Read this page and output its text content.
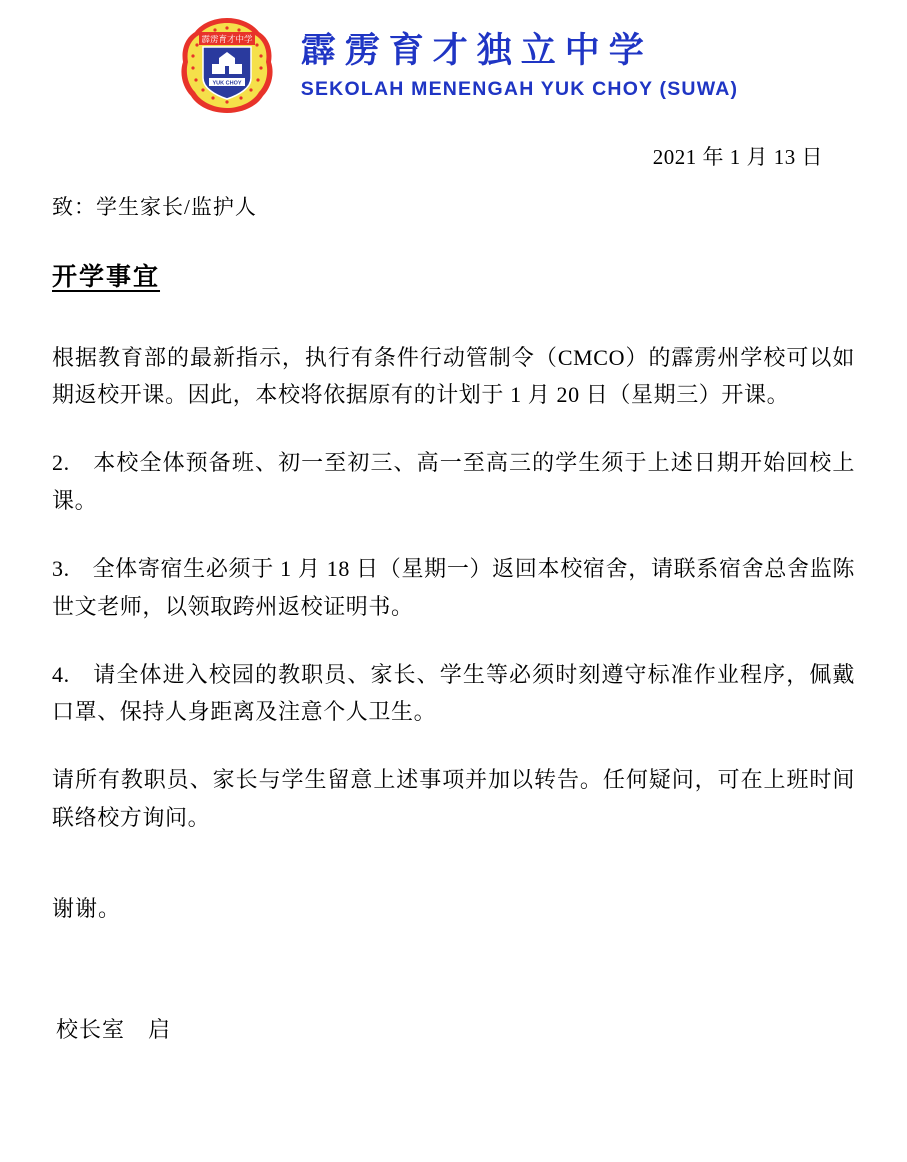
霹雳育才中学
YUK CHOY
霹雳育才独立中学
SEKOLAH MENENGAH YUK CHOY (SUWA)
2021 年 1 月 13 日
致：学生家长/监护人
开学事宜
根据教育部的最新指示，执行有条件行动管制令（CMCO）的霹雳州学校可以如期返校开课。因此，本校将依据原有的计划于 1 月 20 日（星期三）开课。
2.　本校全体预备班、初一至初三、高一至高三的学生须于上述日期开始回校上课。
3.　全体寄宿生必须于 1 月 18 日（星期一）返回本校宿舍，请联系宿舍总舍监陈世文老师，以领取跨州返校证明书。
4.　请全体进入校园的教职员、家长、学生等必须时刻遵守标准作业程序，佩戴口罩、保持人身距离及注意个人卫生。
请所有教职员、家长与学生留意上述事项并加以转告。任何疑问，可在上班时间联络校方询问。
谢谢。
校长室　启
